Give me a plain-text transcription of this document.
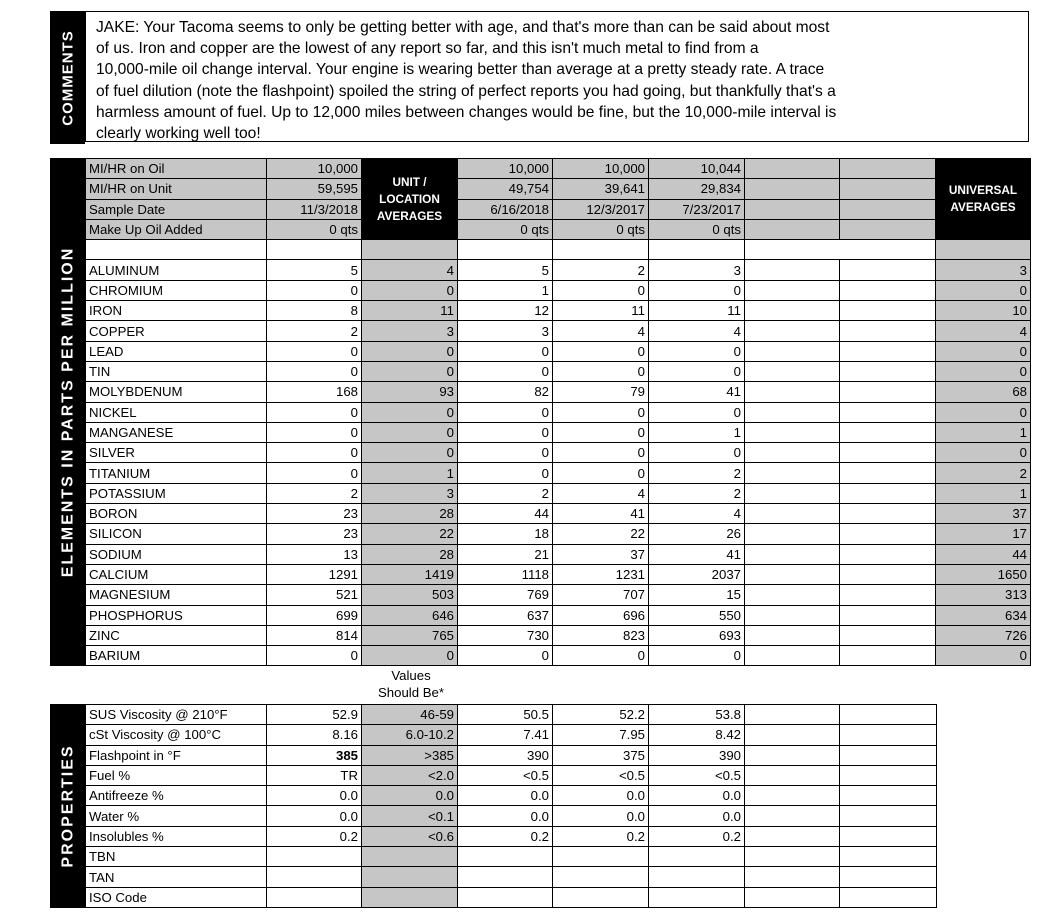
COMMENTS
JAKE: Your Tacoma seems to only be getting better with age, and that's more than can be said about most
of us. Iron and copper are the lowest of any report so far, and this isn't much metal to find from a
10,000-mile oil change interval. Your engine is wearing better than average at a pretty steady rate. A trace
of fuel dilution (note the flashpoint) spoiled the string of perfect reports you had going, but thankfully that's a
harmless amount of fuel. Up to 12,000 miles between changes would be fine, but the 10,000-mile interval is
clearly working well too!
ELEMENTS IN PARTS PER MILLION	MI/HR on Oil	10,000	UNIT / LOCATION AVERAGES	10,000	10,000	10,044			UNIVERSAL AVERAGES
	MI/HR on Unit	59,595		49,754	39,641	29,834			
	Sample Date	11/3/2018		6/16/2018	12/3/2017	7/23/2017			
	Make Up Oil Added	0 qts		0 qts	0 qts	0 qts			

	ALUMINUM	5	4	5	2	3			3
	CHROMIUM	0	0	1	0	0			0
	IRON	8	11	12	11	11			10
	COPPER	2	3	3	4	4			4
	LEAD	0	0	0	0	0			0
	TIN	0	0	0	0	0			0
	MOLYBDENUM	168	93	82	79	41			68
	NICKEL	0	0	0	0	0			0
	MANGANESE	0	0	0	0	1			1
	SILVER	0	0	0	0	0			0
	TITANIUM	0	1	0	0	2			2
	POTASSIUM	2	3	2	4	2			1
	BORON	23	28	44	41	4			37
	SILICON	23	22	18	22	26			17
	SODIUM	13	28	21	37	41			44
	CALCIUM	1291	1419	1118	1231	2037			1650
	MAGNESIUM	521	503	769	707	15			313
	PHOSPHORUS	699	646	637	696	550			634
	ZINC	814	765	730	823	693			726
	BARIUM	0	0	0	0	0			0
Values
Should Be*
PROPERTIES	SUS Viscosity @ 210°F	52.9	46-59	50.5	52.2	53.8		
	cSt Viscosity @ 100°C	8.16	6.0-10.2	7.41	7.95	8.42		
	Flashpoint in °F	385	>385	390	375	390		
	Fuel %	TR	<2.0	<0.5	<0.5	<0.5		
	Antifreeze %	0.0	0.0	0.0	0.0	0.0		
	Water %	0.0	<0.1	0.0	0.0	0.0		
	Insolubles %	0.2	<0.6	0.2	0.2	0.2		
	TBN							
	TAN							
	ISO Code							
